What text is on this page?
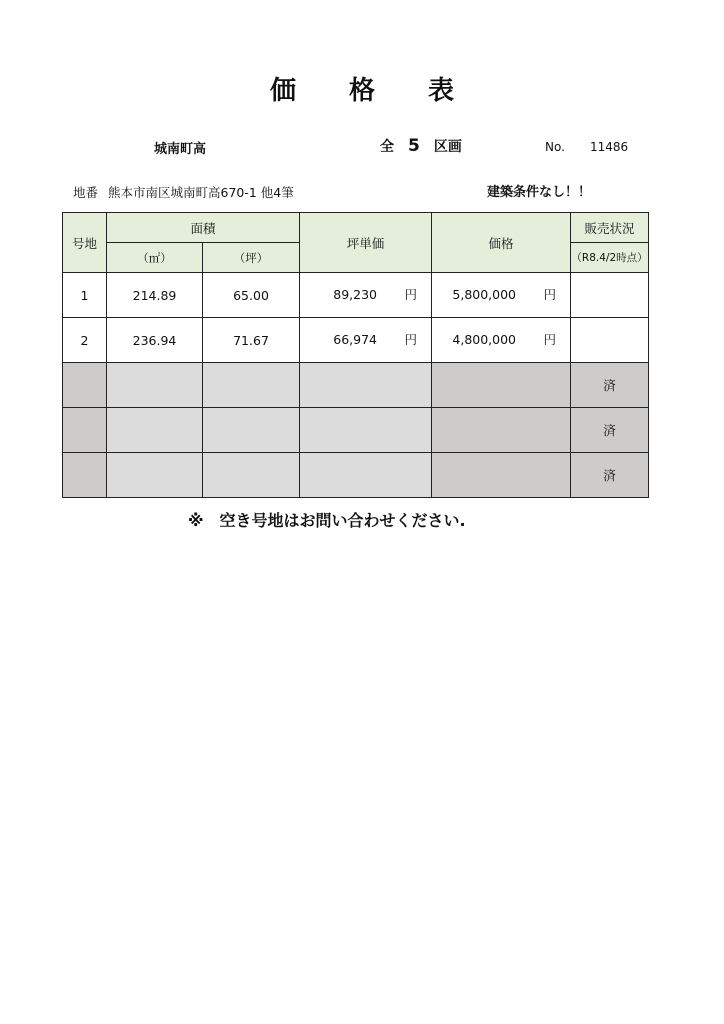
価 格 表
城南町高	全 5 区画	No. 11486
地番 熊本市南区城南町高670-1 他4筆	建築条件なし！！
号地	面積		坪単価	価格	販売状況
	（㎡）	（坪）			（R8.4/2時点）
1	214.89	65.00	89,230 円	5,800,000 円	

2	236.94	71.67	66,974 円	4,800,000 円	

					済
					済
					済
※　空き号地はお問い合わせください.
